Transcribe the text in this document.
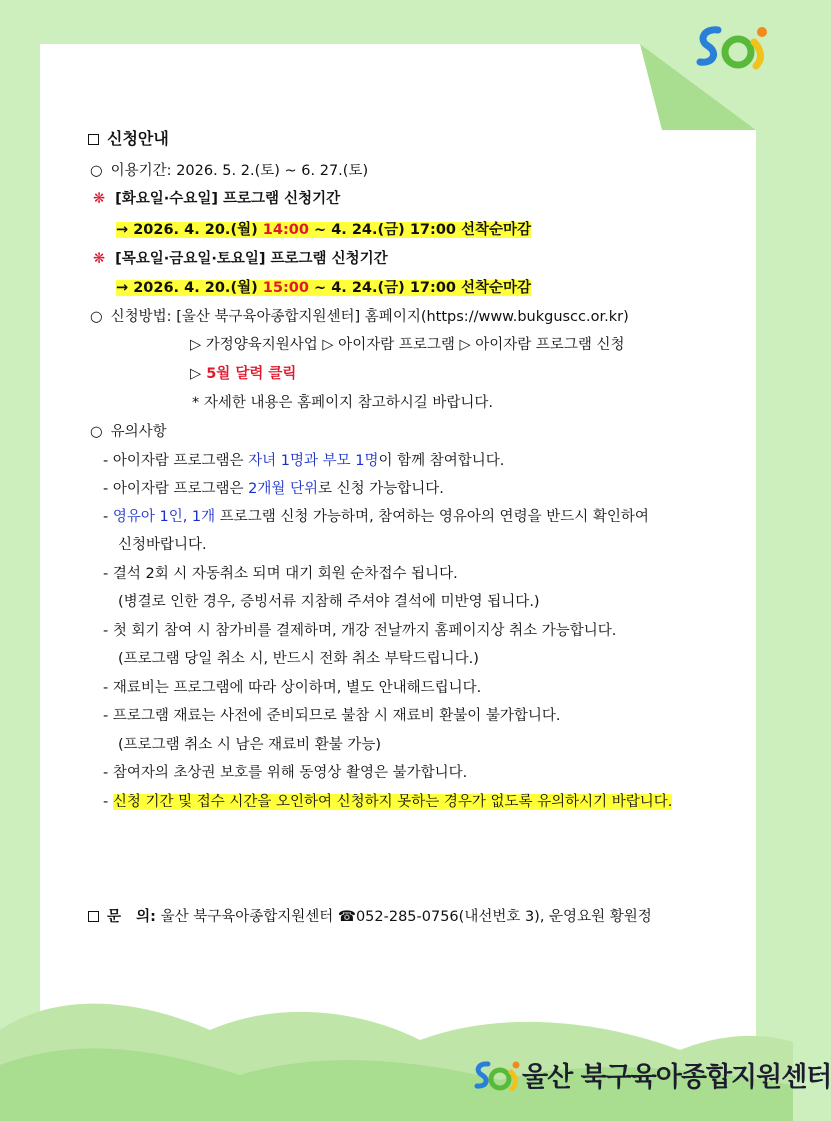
신청안내
○ 이용기간: 2026. 5. 2.(토) ~ 6. 27.(토)
❋ [화요일·수요일] 프로그램 신청기간
→ 2026. 4. 20.(월) 14:00 ~ 4. 24.(금) 17:00 선착순마감
❋ [목요일·금요일·토요일] 프로그램 신청기간
→ 2026. 4. 20.(월) 15:00 ~ 4. 24.(금) 17:00 선착순마감
○ 신청방법: [울산 북구육아종합지원센터] 홈페이지(https://www.bukguscc.or.kr)
▷ 가정양육지원사업 ▷ 아이자람 프로그램 ▷ 아이자람 프로그램 신청
▷ 5월 달력 클릭
* 자세한 내용은 홈페이지 참고하시길 바랍니다.
○ 유의사항
- 아이자람 프로그램은 자녀 1명과 부모 1명이 함께 참여합니다.
- 아이자람 프로그램은 2개월 단위로 신청 가능합니다.
- 영유아 1인, 1개 프로그램 신청 가능하며, 참여하는 영유아의 연령을 반드시 확인하여
신청바랍니다.
- 결석 2회 시 자동취소 되며 대기 회원 순차접수 됩니다.
(병결로 인한 경우, 증빙서류 지참해 주셔야 결석에 미반영 됩니다.)
- 첫 회기 참여 시 참가비를 결제하며, 개강 전날까지 홈페이지상 취소 가능합니다.
(프로그램 당일 취소 시, 반드시 전화 취소 부탁드립니다.)
- 재료비는 프로그램에 따라 상이하며, 별도 안내해드립니다.
- 프로그램 재료는 사전에 준비되므로 불참 시 재료비 환불이 불가합니다.
(프로그램 취소 시 남은 재료비 환불 가능)
- 참여자의 초상권 보호를 위해 동영상 촬영은 불가합니다.
- 신청 기간 및 접수 시간을 오인하여 신청하지 못하는 경우가 없도록 유의하시기 바랍니다.
문   의: 울산 북구육아종합지원센터 ☎052-285-0756(내선번호 3), 운영요원 황원정
울산 북구육아종합지원센터
